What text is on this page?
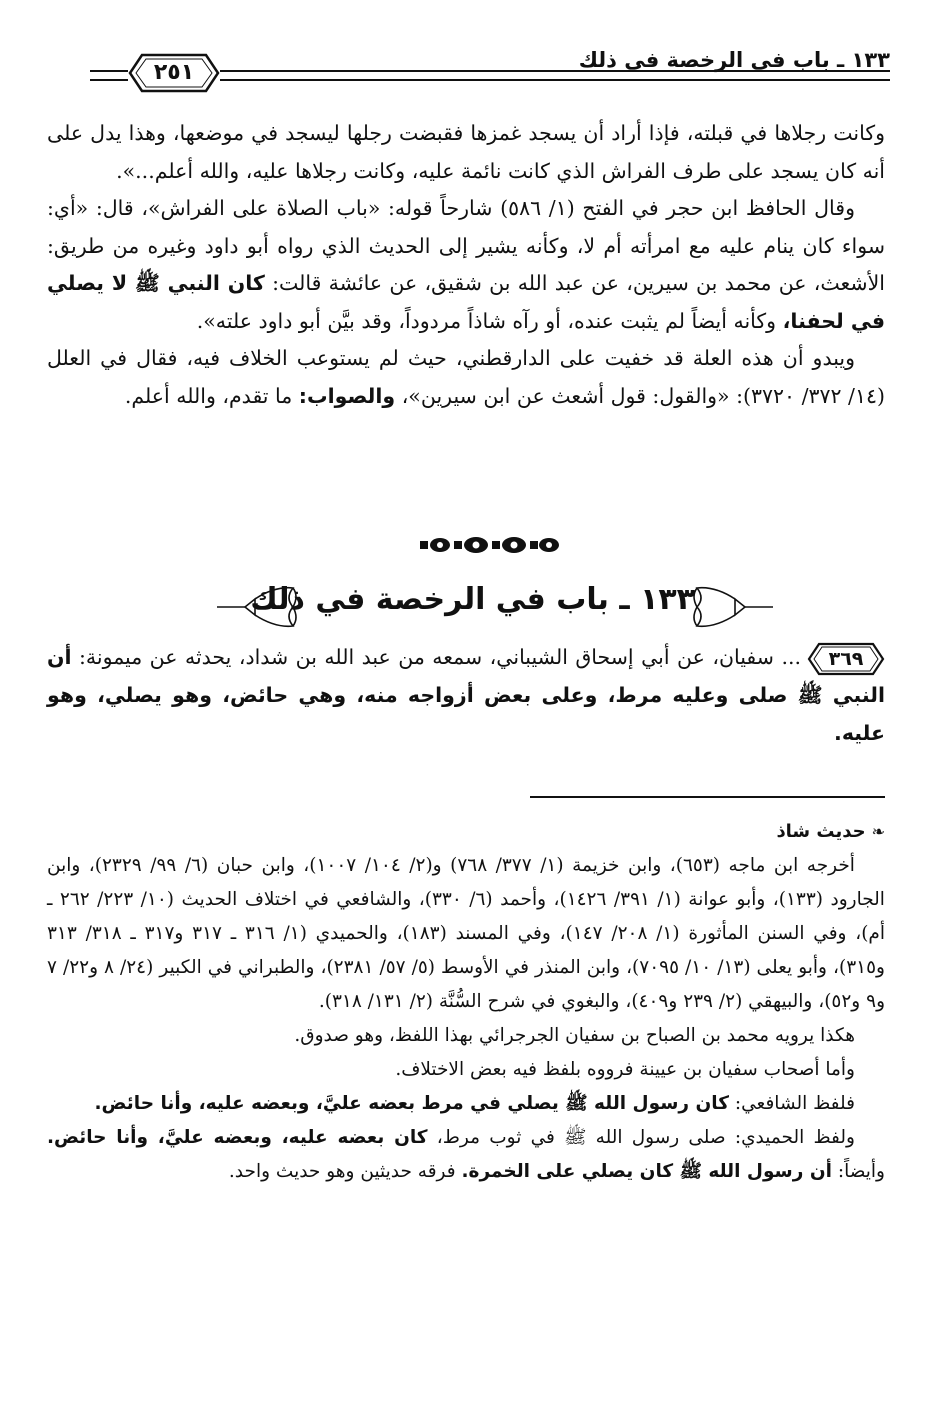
١٣٣ ـ باب في الرخصة في ذلك
٢٥١

وكانت رجلاها في قبلته، فإذا أراد أن يسجد غمزها فقبضت رجلها ليسجد في موضعها، وهذا يدل على أنه كان يسجد على طرف الفراش الذي كانت نائمة عليه، وكانت رجلاها عليه، والله أعلم...».

وقال الحافظ ابن حجر في الفتح (١/ ٥٨٦) شارحاً قوله: «باب الصلاة على الفراش»، قال: «أي: سواء كان ينام عليه مع امرأته أم لا، وكأنه يشير إلى الحديث الذي رواه أبو داود وغيره من طريق: الأشعث، عن محمد بن سيرين، عن عبد الله بن شقيق، عن عائشة قالت: كان النبي ﷺ لا يصلي في لحفنا، وكأنه أيضاً لم يثبت عنده، أو رآه شاذاً مردوداً، وقد بيَّن أبو داود علته».

ويبدو أن هذه العلة قد خفيت على الدارقطني، حيث لم يستوعب الخلاف فيه، فقال في العلل (١٤/ ٣٧٢/ ٣٧٢٠): «والقول: قول أشعث عن ابن سيرين»، والصواب: ما تقدم، والله أعلم.

١٣٣ ـ باب في الرخصة في ذلك

٣٦٩
... سفيان، عن أبي إسحاق الشيباني، سمعه من عبد الله بن شداد، يحدثه عن ميمونة: أن النبي ﷺ صلى وعليه مرط، وعلى بعض أزواجه منه، وهي حائض، وهو يصلي، وهو عليه.

❧حديث شاذ

أخرجه ابن ماجه (٦٥٣)، وابن خزيمة (١/ ٣٧٧/ ٧٦٨) و(٢/ ١٠٤/ ١٠٠٧)، وابن حبان (٦/ ٩٩/ ٢٣٢٩)، وابن الجارود (١٣٣)، وأبو عوانة (١/ ٣٩١/ ١٤٢٦)، وأحمد (٦/ ٣٣٠)، والشافعي في اختلاف الحديث (١٠/ ٢٢٣/ ٢٦٢ ـ أم)، وفي السنن المأثورة (١/ ٢٠٨/ ١٤٧)، وفي المسند (١٨٣)، والحميدي (١/ ٣١٦ ـ ٣١٧ و٣١٧ ـ ٣١٨/ ٣١٣ و٣١٥)، وأبو يعلى (١٣/ ١٠/ ٧٠٩٥)، وابن المنذر في الأوسط (٥/ ٥٧/ ٢٣٨١)، والطبراني في الكبير (٢٤/ ٨ و٢٢/ ٧ و٩ و٥٢)، والبيهقي (٢/ ٢٣٩ و٤٠٩)، والبغوي في شرح السُّنَّة (٢/ ١٣١/ ٣١٨).

هكذا يرويه محمد بن الصباح بن سفيان الجرجرائي بهذا اللفظ، وهو صدوق.

وأما أصحاب سفيان بن عيينة فرووه بلفظ فيه بعض الاختلاف.

فلفظ الشافعي: كان رسول الله ﷺ يصلي في مرط بعضه عليَّ، وبعضه عليه، وأنا حائض.

ولفظ الحميدي: صلى رسول الله ﷺ في ثوب مرط، كان بعضه عليه، وبعضه عليَّ، وأنا حائض. وأيضاً: أن رسول الله ﷺ كان يصلي على الخمرة. فرقه حديثين وهو حديث واحد.
